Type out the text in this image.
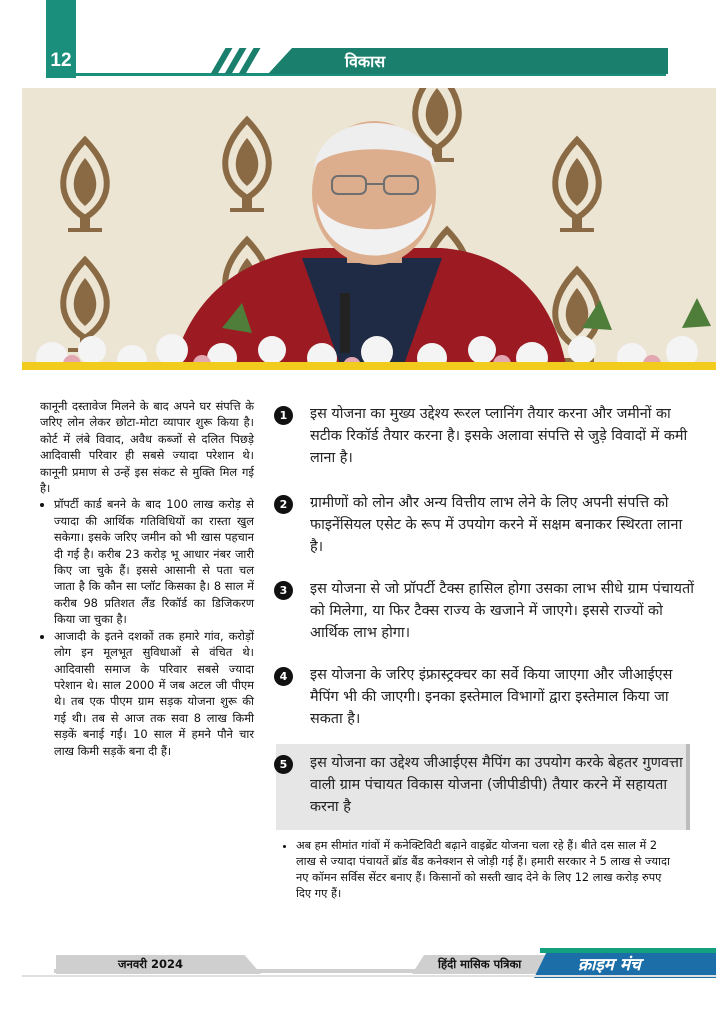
12	विकास

कानूनी दस्तावेज मिलने के बाद अपने घर संपत्ति के जरिए लोन लेकर छोटा-मोटा व्यापार शुरू किया है। कोर्ट में लंबे विवाद, अवैध कब्जों से दलित पिछड़े आदिवासी परिवार ही सबसे ज्यादा परेशान थे। कानूनी प्रमाण से उन्हें इस संकट से मुक्ति मिल गई है।

• प्रॉपर्टी कार्ड बनने के बाद 100 लाख करोड़ से ज्यादा की आर्थिक गतिविधियों का रास्ता खुल सकेगा। इसके जरिए जमीन को भी खास पहचान दी गई है। करीब 23 करोड़ भू आधार नंबर जारी किए जा चुके हैं। इससे आसानी से पता चल जाता है कि कौन सा प्लॉट किसका है। 8 साल में करीब 98 प्रतिशत लैंड रिकॉर्ड का डिजिकरण किया जा चुका है।
• आजादी के इतने दशकों तक हमारे गांव, करोड़ों लोग इन मूलभूत सुविधाओं से वंचित थे। आदिवासी समाज के परिवार सबसे ज्यादा परेशान थे। साल 2000 में जब अटल जी पीएम थे। तब एक पीएम ग्राम सड़क योजना शुरू की गई थी। तब से आज तक सवा 8 लाख किमी सड़कें बनाई गईं। 10 साल में हमने पौने चार लाख किमी सड़कें बना दी हैं।
1	इस योजना का मुख्य उद्देश्य रूरल प्लानिंग तैयार करना और जमीनों का सटीक रिकॉर्ड तैयार करना है। इसके अलावा संपत्ति से जुड़े विवादों में कमी लाना है।
2	ग्रामीणों को लोन और अन्य वित्तीय लाभ लेने के लिए अपनी संपत्ति को फाइनेंसियल एसेट के रूप में उपयोग करने में सक्षम बनाकर स्थिरता लाना है।
3	इस योजना से जो प्रॉपर्टी टैक्स हासिल होगा उसका लाभ सीधे ग्राम पंचायतों को मिलेगा, या फिर टैक्स राज्य के खजाने में जाएगे। इससे राज्यों को आर्थिक लाभ होगा।
4	इस योजना के जरिए इंफ्रास्ट्रक्चर का सर्वे किया जाएगा और जीआईएस मैपिंग भी की जाएगी। इनका इस्तेमाल विभागों द्वारा इस्तेमाल किया जा सकता है।
5	इस योजना का उद्देश्य जीआईएस मैपिंग का उपयोग करके बेहतर गुणवत्ता वाली ग्राम पंचायत विकास योजना (जीपीडीपी) तैयार करने में सहायता करना है
• अब हम सीमांत गांवों में कनेक्टिविटी बढ़ाने वाइब्रेंट योजना चला रहे हैं। बीते दस साल में 2 लाख से ज्यादा पंचायतें ब्रॉड बैंड कनेक्शन से जोड़ी गई हैं। हमारी सरकार ने 5 लाख से ज्यादा नए कॉमन सर्विस सेंटर बनाए हैं। किसानों को सस्ती खाद देने के लिए 12 लाख करोड़ रुपए दिए गए हैं।
जनवरी 2024	हिंदी मासिक पत्रिका	क्राइम मंच
